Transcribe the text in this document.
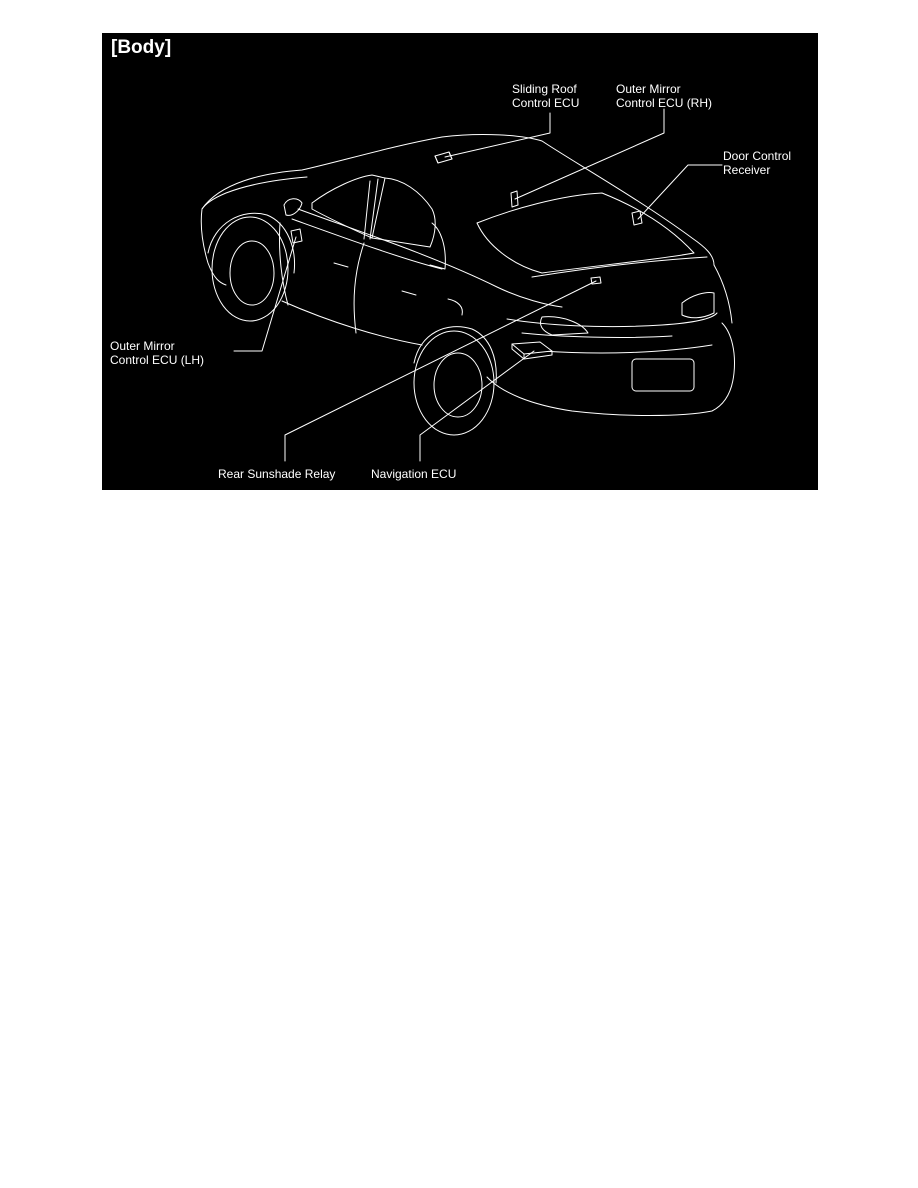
[Body]
Sliding Roof
Control ECU
Outer Mirror
Control ECU (RH)
Door Control
Receiver
Outer Mirror
Control ECU (LH)
Rear Sunshade Relay	Navigation ECU
